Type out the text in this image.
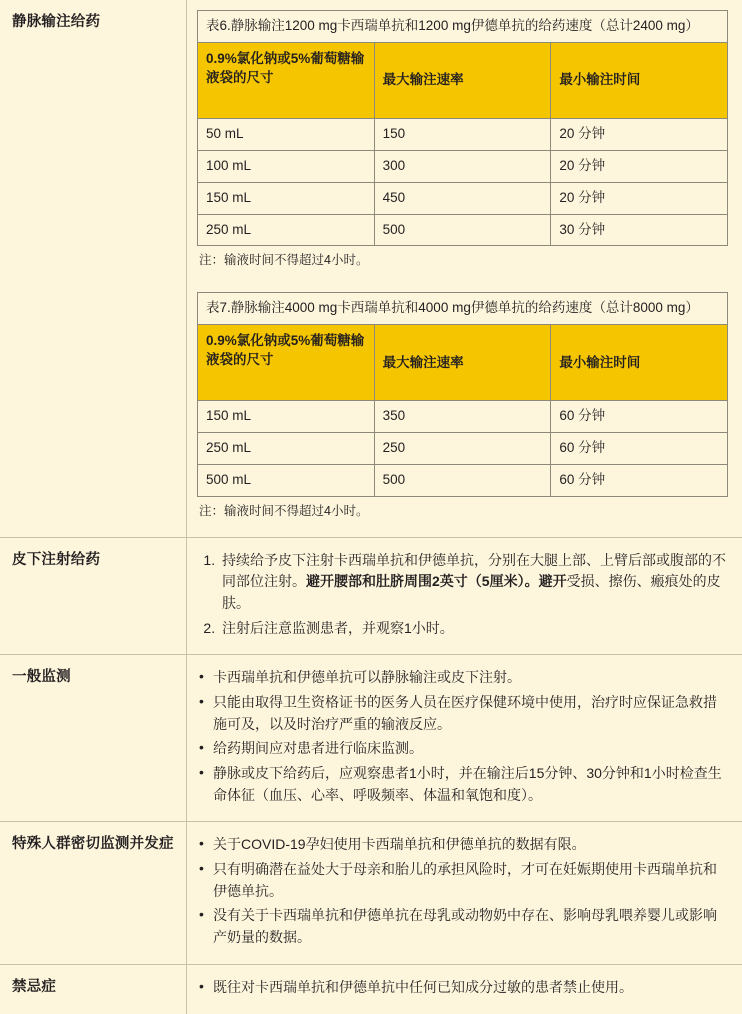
静脉输注给药	表6.静脉输注1200 mg卡西瑞单抗和1200 mg伊德单抗的给药速度（总计2400 mg）		
0.9%氯化钠或5%葡萄糖输液袋的尺寸	最大输注速率	最小输注时间
50 mL	150	20 分钟
100 mL	300	20 分钟
150 mL	450	20 分钟
250 mL	500	30 分钟
注：输液时间不得超过4小时。
表7.静脉输注4000 mg卡西瑞单抗和4000 mg伊德单抗的给药速度（总计8000 mg）		
0.9%氯化钠或5%葡萄糖输液袋的尺寸	最大输注速率	最小输注时间
150 mL	350	60 分钟
250 mL	250	60 分钟
500 mL	500	60 分钟
注：输液时间不得超过4小时。
皮下注射给药	1. 持续给予皮下注射卡西瑞单抗和伊德单抗，分别在大腿上部、上臂后部或腹部的不同部位注射。避开腰部和肚脐周围2英寸（5厘米）。避开受损、擦伤、瘢痕处的皮肤。
2. 注射后注意监测患者，并观察1小时。
一般监测	• 卡西瑞单抗和伊德单抗可以静脉输注或皮下注射。
• 只能由取得卫生资格证书的医务人员在医疗保健环境中使用，治疗时应保证急救措施可及，以及时治疗严重的输液反应。
• 给药期间应对患者进行临床监测。
• 静脉或皮下给药后，应观察患者1小时，并在输注后15分钟、30分钟和1小时检查生命体征（血压、心率、呼吸频率、体温和氧饱和度）。
特殊人群密切监测并发症	• 关于COVID-19孕妇使用卡西瑞单抗和伊德单抗的数据有限。
• 只有明确潜在益处大于母亲和胎儿的承担风险时，才可在妊娠期使用卡西瑞单抗和伊德单抗。
• 没有关于卡西瑞单抗和伊德单抗在母乳或动物奶中存在、影响母乳喂养婴儿或影响产奶量的数据。
禁忌症	• 既往对卡西瑞单抗和伊德单抗中任何已知成分过敏的患者禁止使用。
